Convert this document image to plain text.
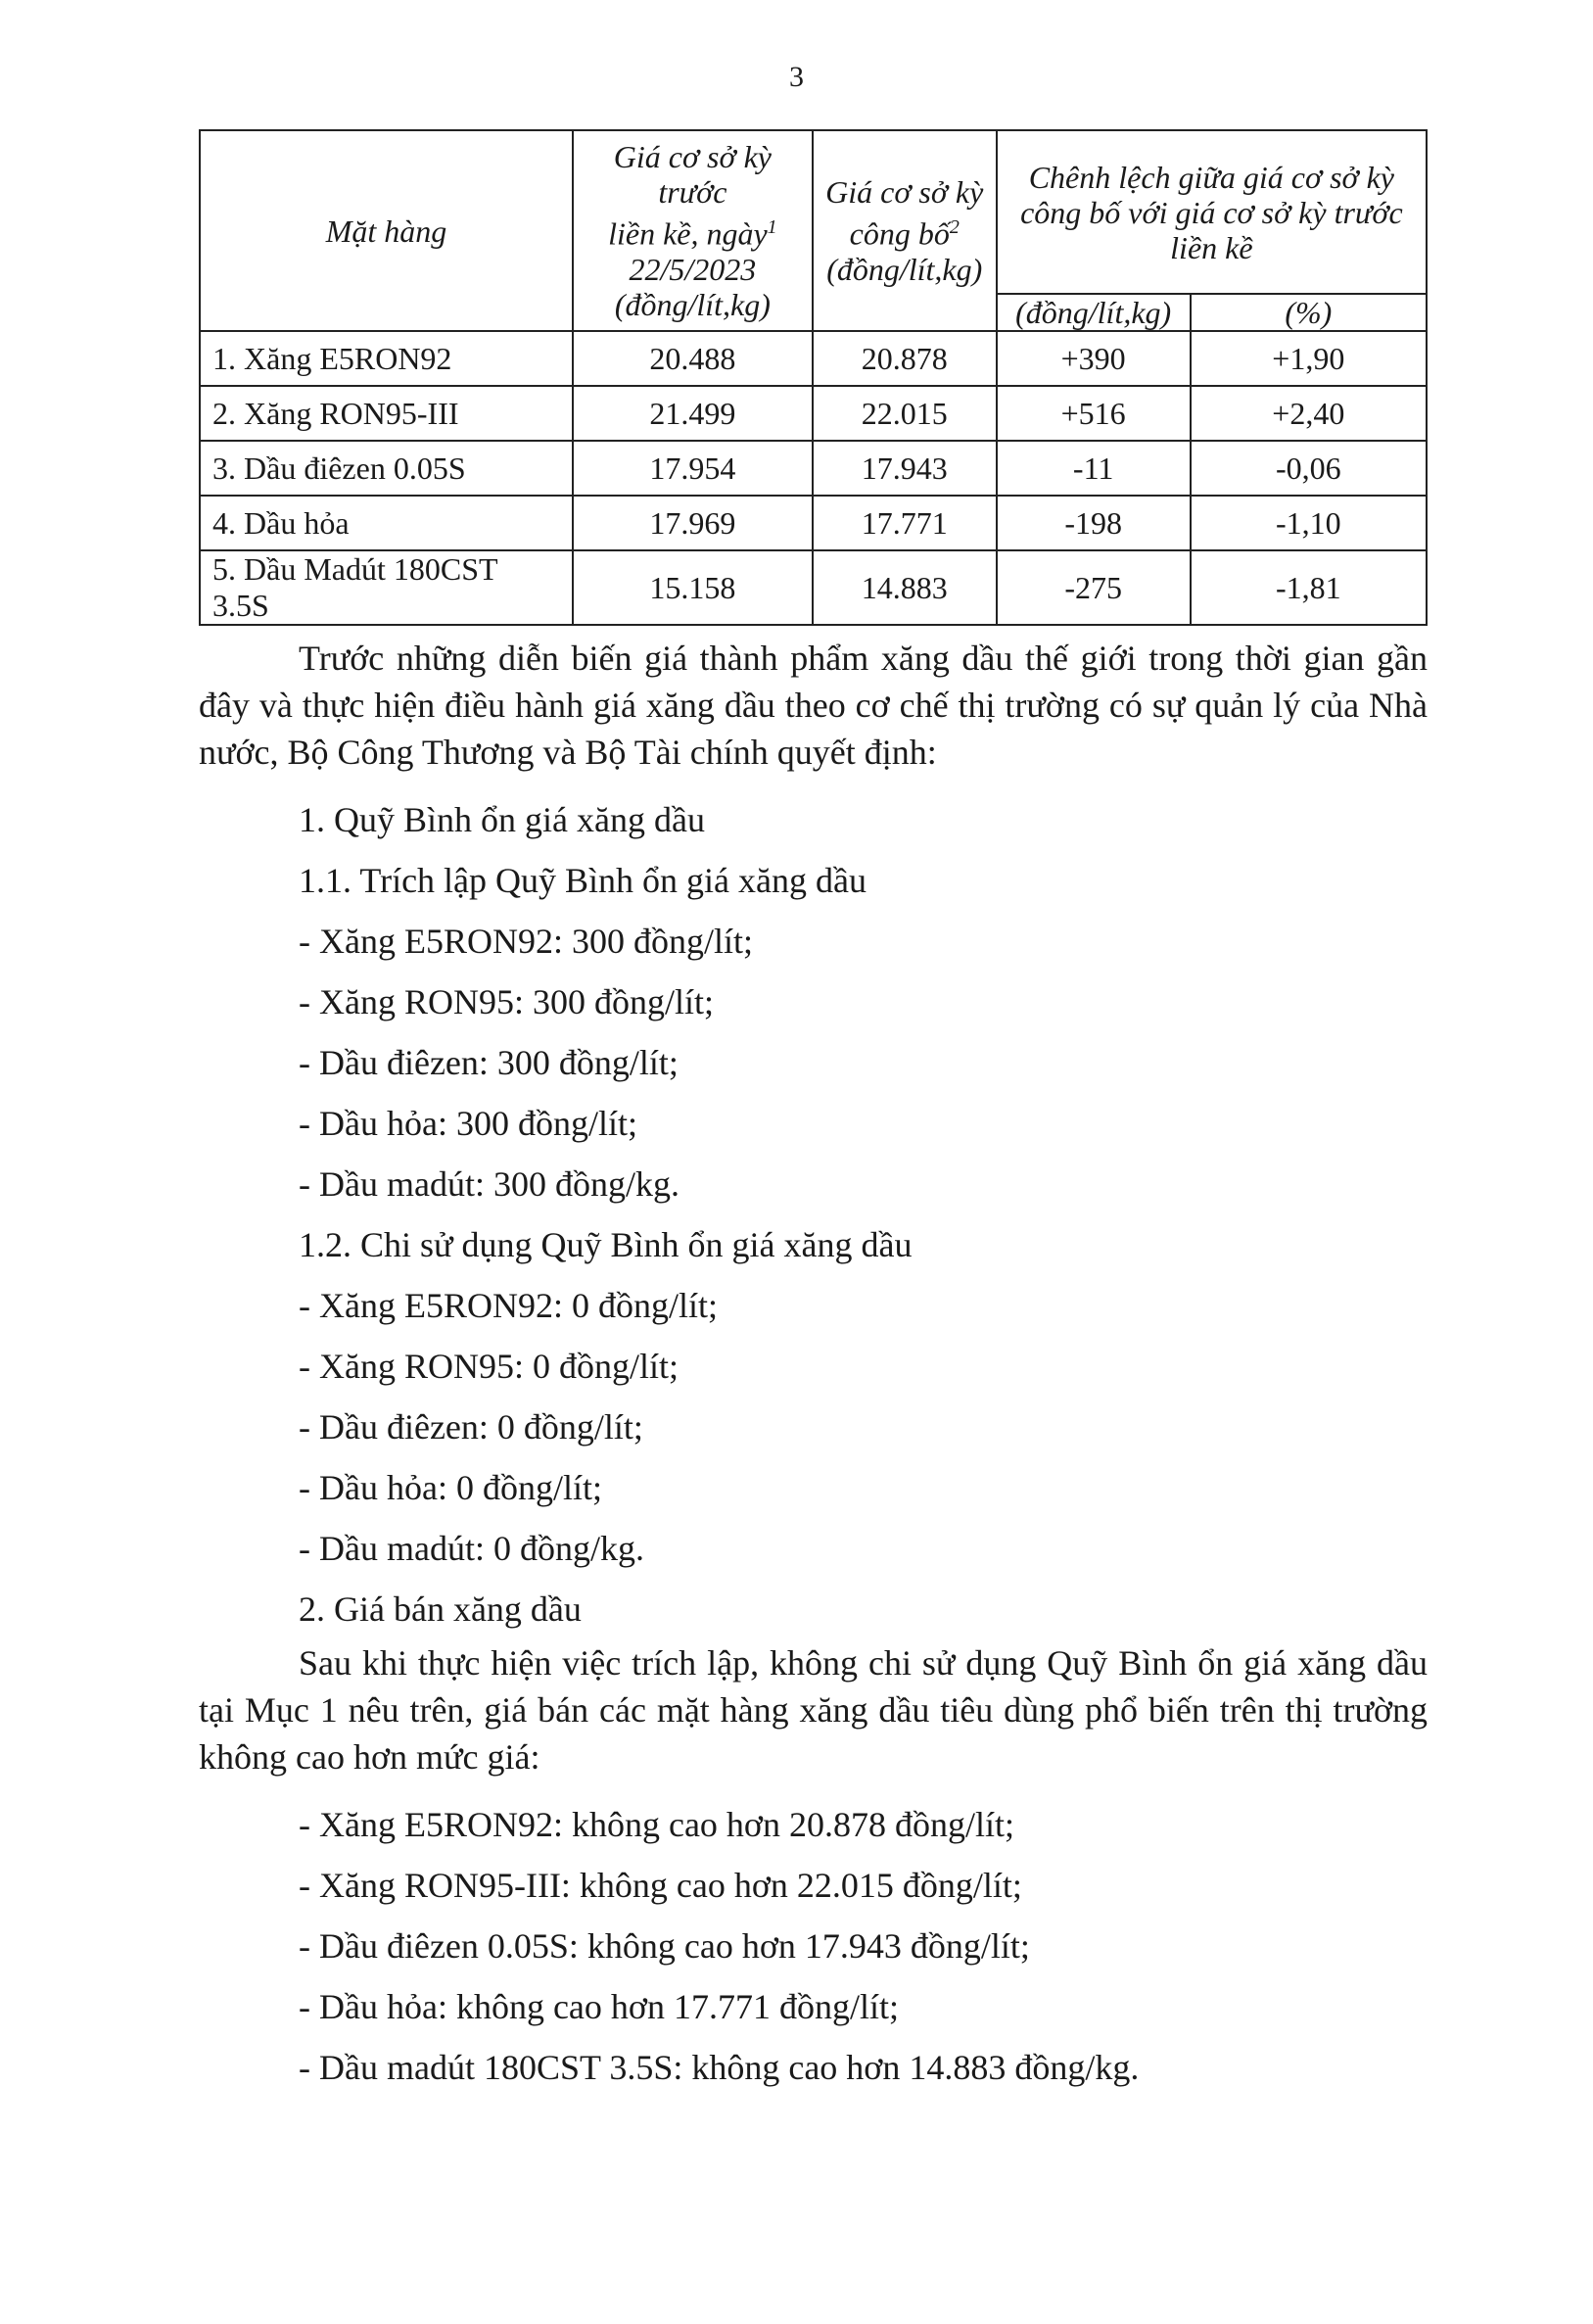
3
Mặt hàng	Giá cơ sở kỳ trước
liền kề, ngày$^1$
22/5/2023
(đồng/lít,kg)	Giá cơ sở kỳ
công bố$^2$
(đồng/lít,kg)	Chênh lệch giữa giá cơ sở kỳ
công bố với giá cơ sở kỳ trước
liền kề	
			(đồng/lít,kg)	(%)
1. Xăng E5RON92	20.488	20.878	+390	+1,90
2. Xăng RON95-III	21.499	22.015	+516	+2,40
3. Dầu điêzen 0.05S	17.954	17.943	-11	-0,06
4. Dầu hỏa	17.969	17.771	-198	-1,10
5. Dầu Madút 180CST 3.5S	15.158	14.883	-275	-1,81

Trước những diễn biến giá thành phẩm xăng dầu thế giới trong thời gian gần đây và thực hiện điều hành giá xăng dầu theo cơ chế thị trường có sự quản lý của Nhà nước, Bộ Công Thương và Bộ Tài chính quyết định:

1. Quỹ Bình ổn giá xăng dầu

1.1. Trích lập Quỹ Bình ổn giá xăng dầu

- Xăng E5RON92: 300 đồng/lít;

- Xăng RON95: 300 đồng/lít;

- Dầu điêzen: 300 đồng/lít;

- Dầu hỏa: 300 đồng/lít;

- Dầu madút: 300 đồng/kg.

1.2. Chi sử dụng Quỹ Bình ổn giá xăng dầu

- Xăng E5RON92: 0 đồng/lít;

- Xăng RON95: 0 đồng/lít;

- Dầu điêzen: 0 đồng/lít;

- Dầu hỏa: 0 đồng/lít;

- Dầu madút: 0 đồng/kg.

2. Giá bán xăng dầu

Sau khi thực hiện việc trích lập, không chi sử dụng Quỹ Bình ổn giá xăng dầu tại Mục 1 nêu trên, giá bán các mặt hàng xăng dầu tiêu dùng phổ biến trên thị trường không cao hơn mức giá:

- Xăng E5RON92: không cao hơn 20.878 đồng/lít;

- Xăng RON95-III: không cao hơn 22.015 đồng/lít;

- Dầu điêzen 0.05S: không cao hơn 17.943 đồng/lít;

- Dầu hỏa: không cao hơn 17.771 đồng/lít;

- Dầu madút 180CST 3.5S: không cao hơn 14.883 đồng/kg.
